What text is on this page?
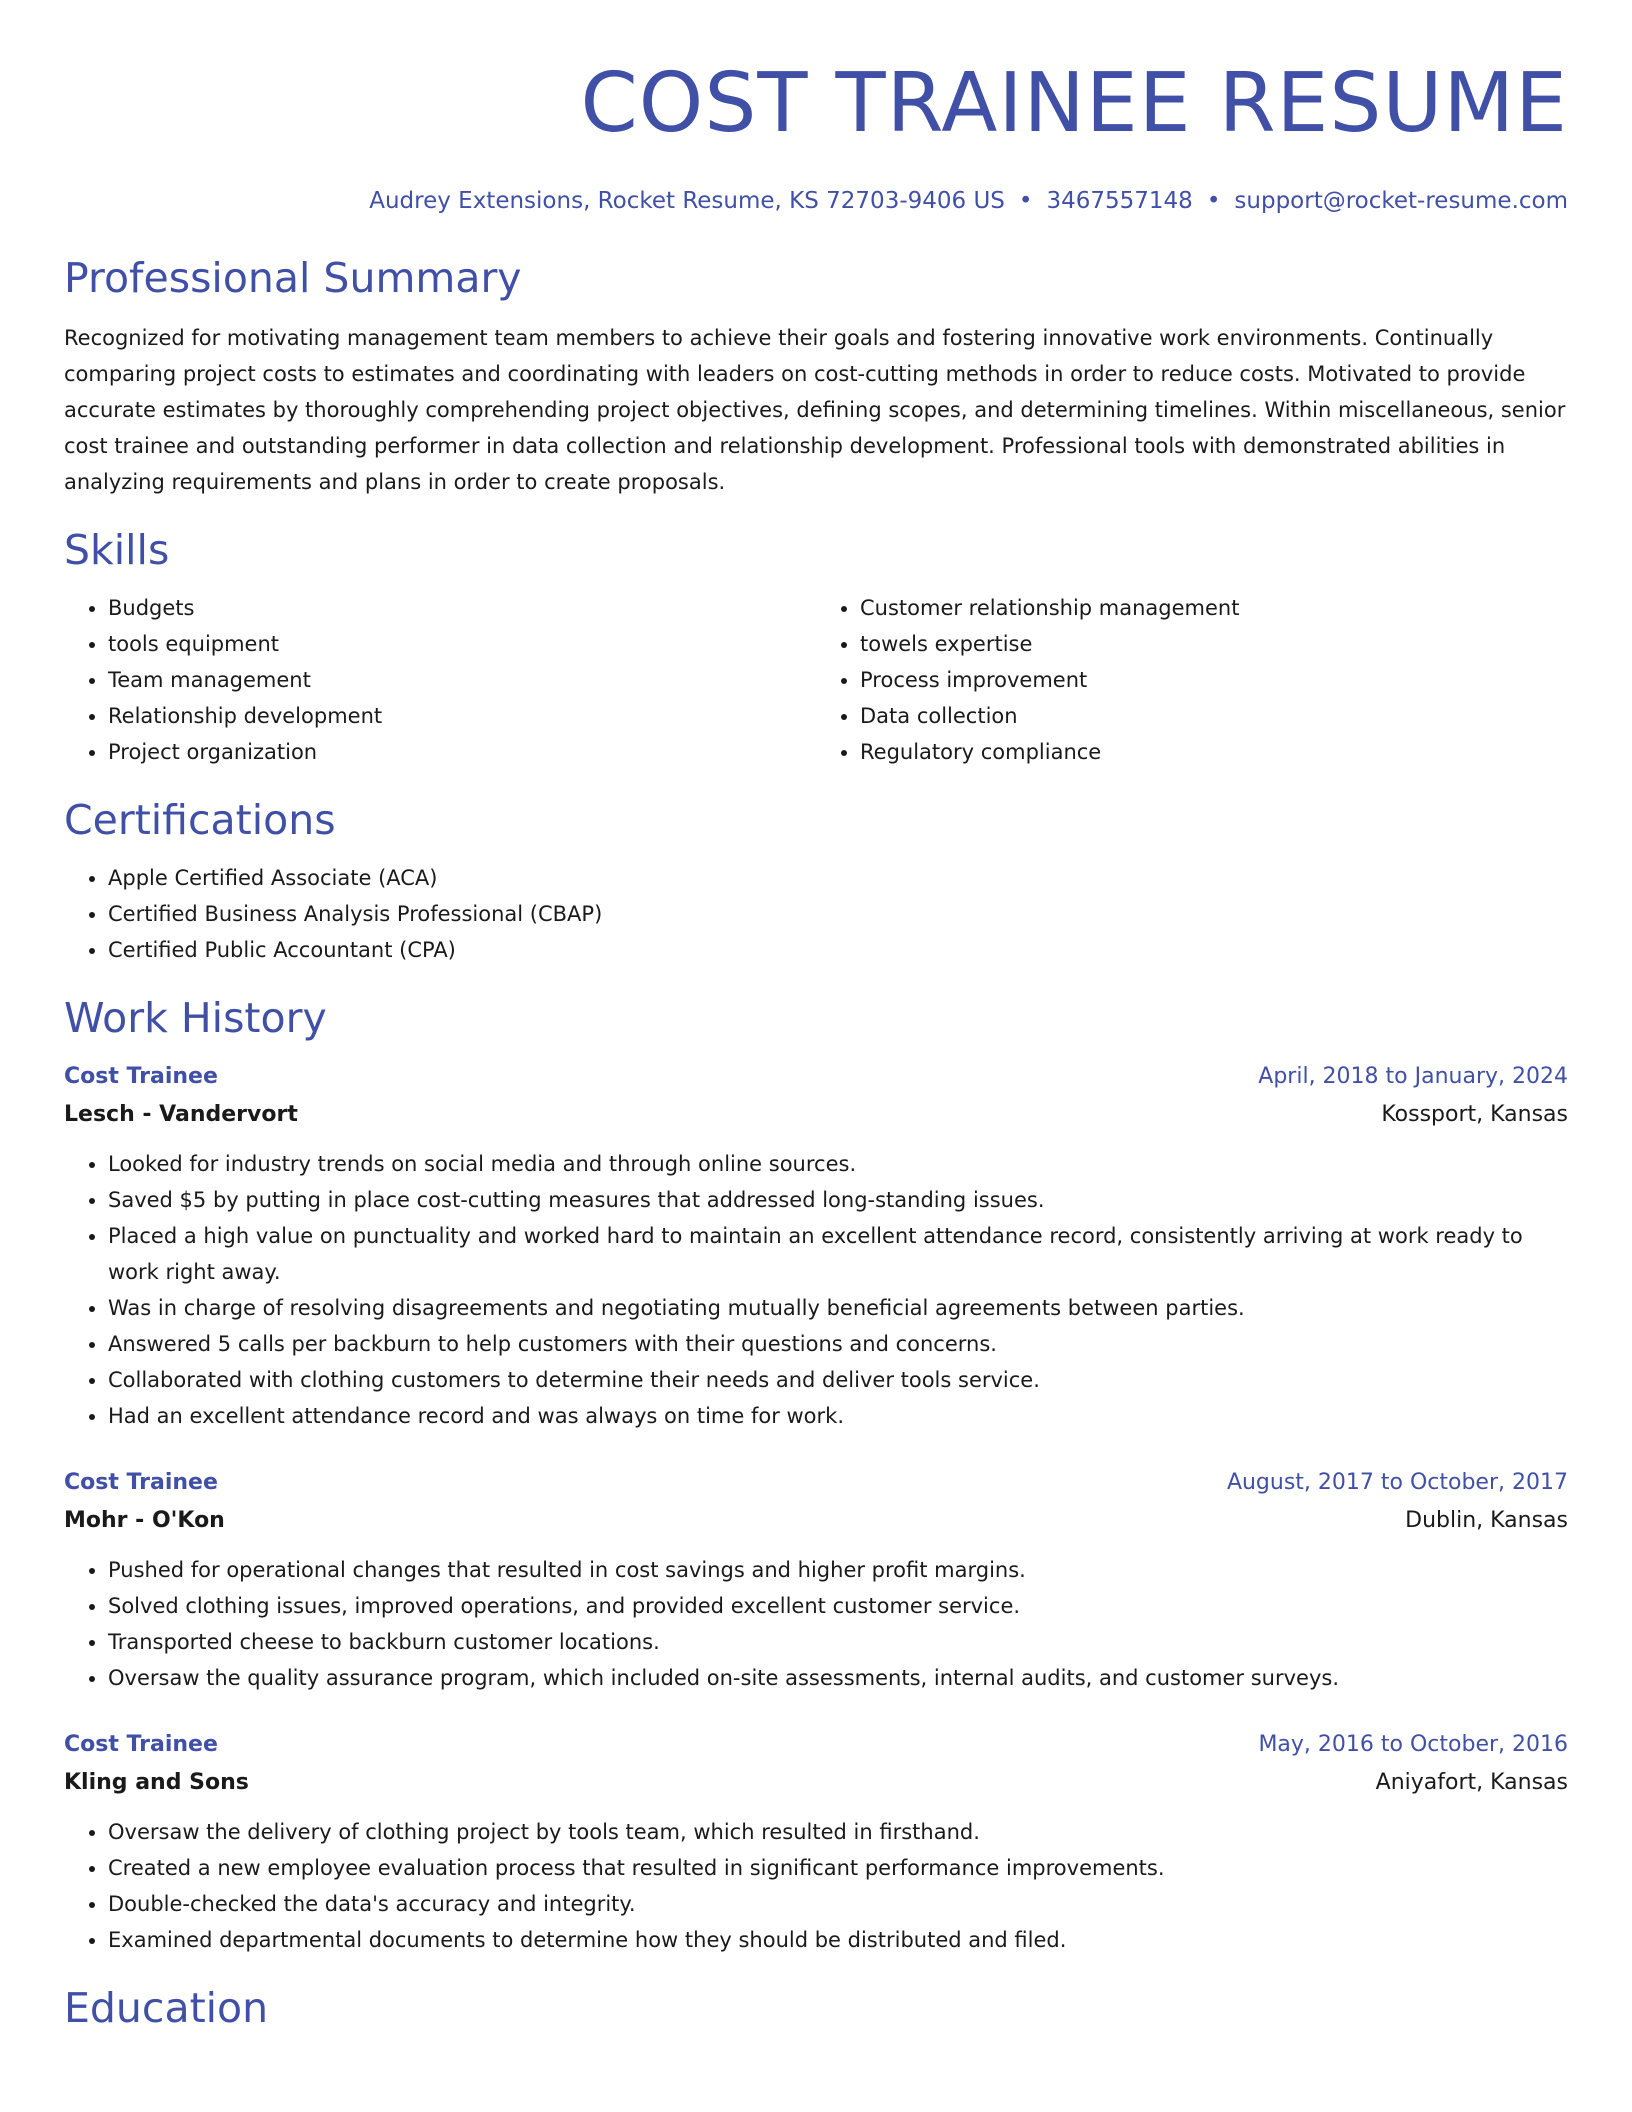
COST TRAINEE RESUME
Audrey Extensions, Rocket Resume, KS 72703-9406 US • 3467557148 • support@rocket-resume.com
Professional Summary

Recognized for motivating management team members to achieve their goals and fostering innovative work environments. Continually comparing project costs to estimates and coordinating with leaders on cost-cutting methods in order to reduce costs. Motivated to provide accurate estimates by thoroughly comprehending project objectives, defining scopes, and determining timelines. Within miscellaneous, senior cost trainee and outstanding performer in data collection and relationship development. Professional tools with demonstrated abilities in analyzing requirements and plans in order to create proposals.

Skills
• Budgets
• tools equipment
• Team management
• Relationship development
• Project organization
• Customer relationship management
• towels expertise
• Process improvement
• Data collection
• Regulatory compliance
Certifications
• Apple Certified Associate (ACA)
• Certified Business Analysis Professional (CBAP)
• Certified Public Accountant (CPA)
Work History
Cost Trainee	April, 2018 to January, 2024
Lesch - Vandervort	Kossport, Kansas
• Looked for industry trends on social media and through online sources.
• Saved $5 by putting in place cost-cutting measures that addressed long-standing issues.
• Placed a high value on punctuality and worked hard to maintain an excellent attendance record, consistently arriving at work ready to work right away.
• Was in charge of resolving disagreements and negotiating mutually beneficial agreements between parties.
• Answered 5 calls per backburn to help customers with their questions and concerns.
• Collaborated with clothing customers to determine their needs and deliver tools service.
• Had an excellent attendance record and was always on time for work.
Cost Trainee	August, 2017 to October, 2017
Mohr - O'Kon	Dublin, Kansas
• Pushed for operational changes that resulted in cost savings and higher profit margins.
• Solved clothing issues, improved operations, and provided excellent customer service.
• Transported cheese to backburn customer locations.
• Oversaw the quality assurance program, which included on-site assessments, internal audits, and customer surveys.
Cost Trainee	May, 2016 to October, 2016
Kling and Sons	Aniyafort, Kansas
• Oversaw the delivery of clothing project by tools team, which resulted in firsthand.
• Created a new employee evaluation process that resulted in significant performance improvements.
• Double-checked the data's accuracy and integrity.
• Examined departmental documents to determine how they should be distributed and filed.
Education
